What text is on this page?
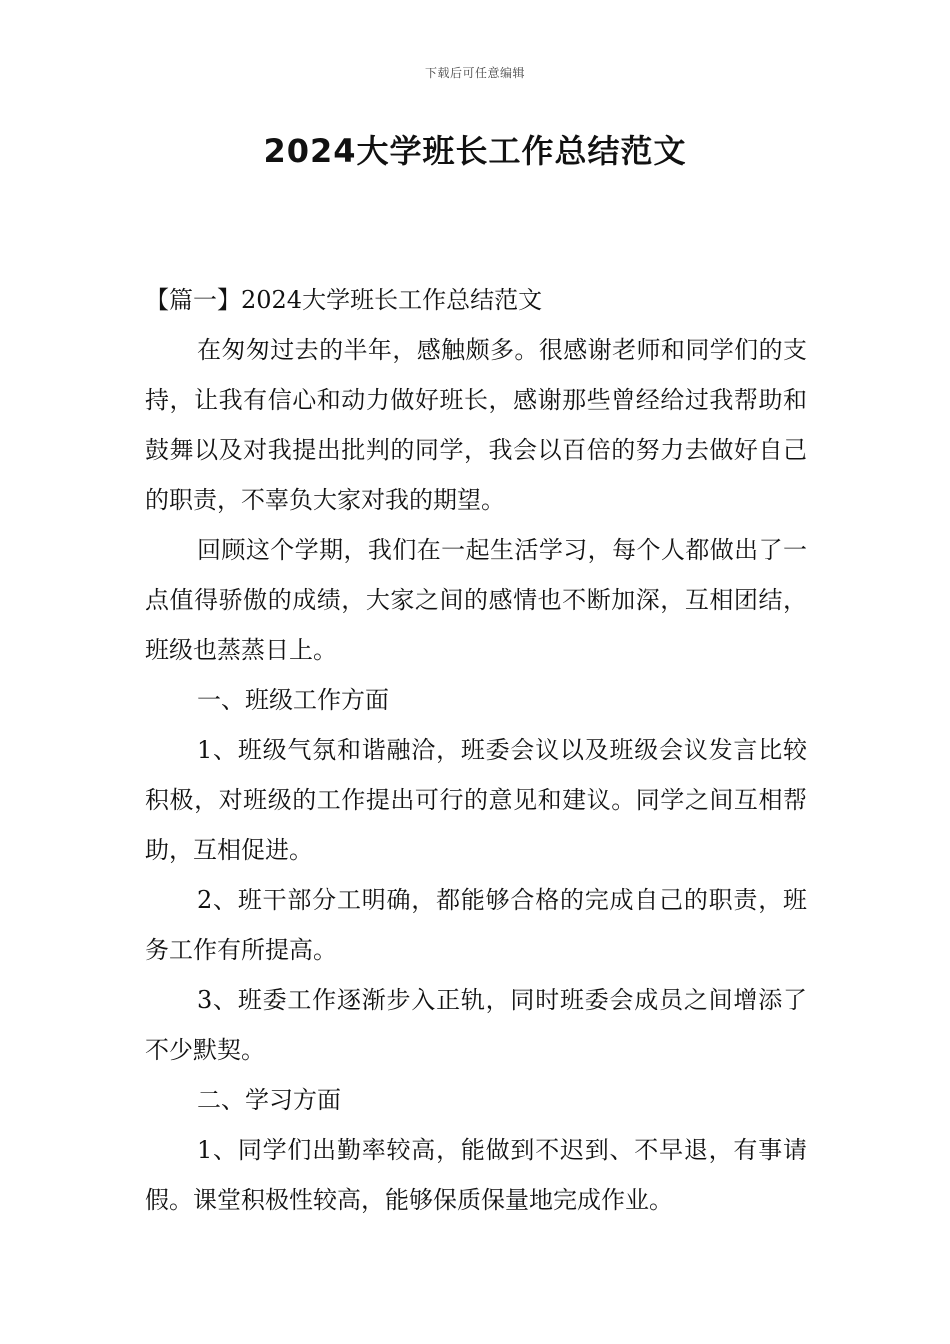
下载后可任意编辑
2024大学班长工作总结范文

【篇一】2024大学班长工作总结范文

在匆匆过去的半年，感触颇多。很感谢老师和同学们的支持，让我有信心和动力做好班长，感谢那些曾经给过我帮助和鼓舞以及对我提出批判的同学，我会以百倍的努力去做好自己的职责，不辜负大家对我的期望。

回顾这个学期，我们在一起生活学习，每个人都做出了一点值得骄傲的成绩，大家之间的感情也不断加深，互相团结，班级也蒸蒸日上。

一、班级工作方面

1、班级气氛和谐融洽，班委会议以及班级会议发言比较积极，对班级的工作提出可行的意见和建议。同学之间互相帮助，互相促进。

2、班干部分工明确，都能够合格的完成自己的职责，班务工作有所提高。

3、班委工作逐渐步入正轨，同时班委会成员之间增添了不少默契。

二、学习方面

1、同学们出勤率较高，能做到不迟到、不早退，有事请假。课堂积极性较高，能够保质保量地完成作业。
